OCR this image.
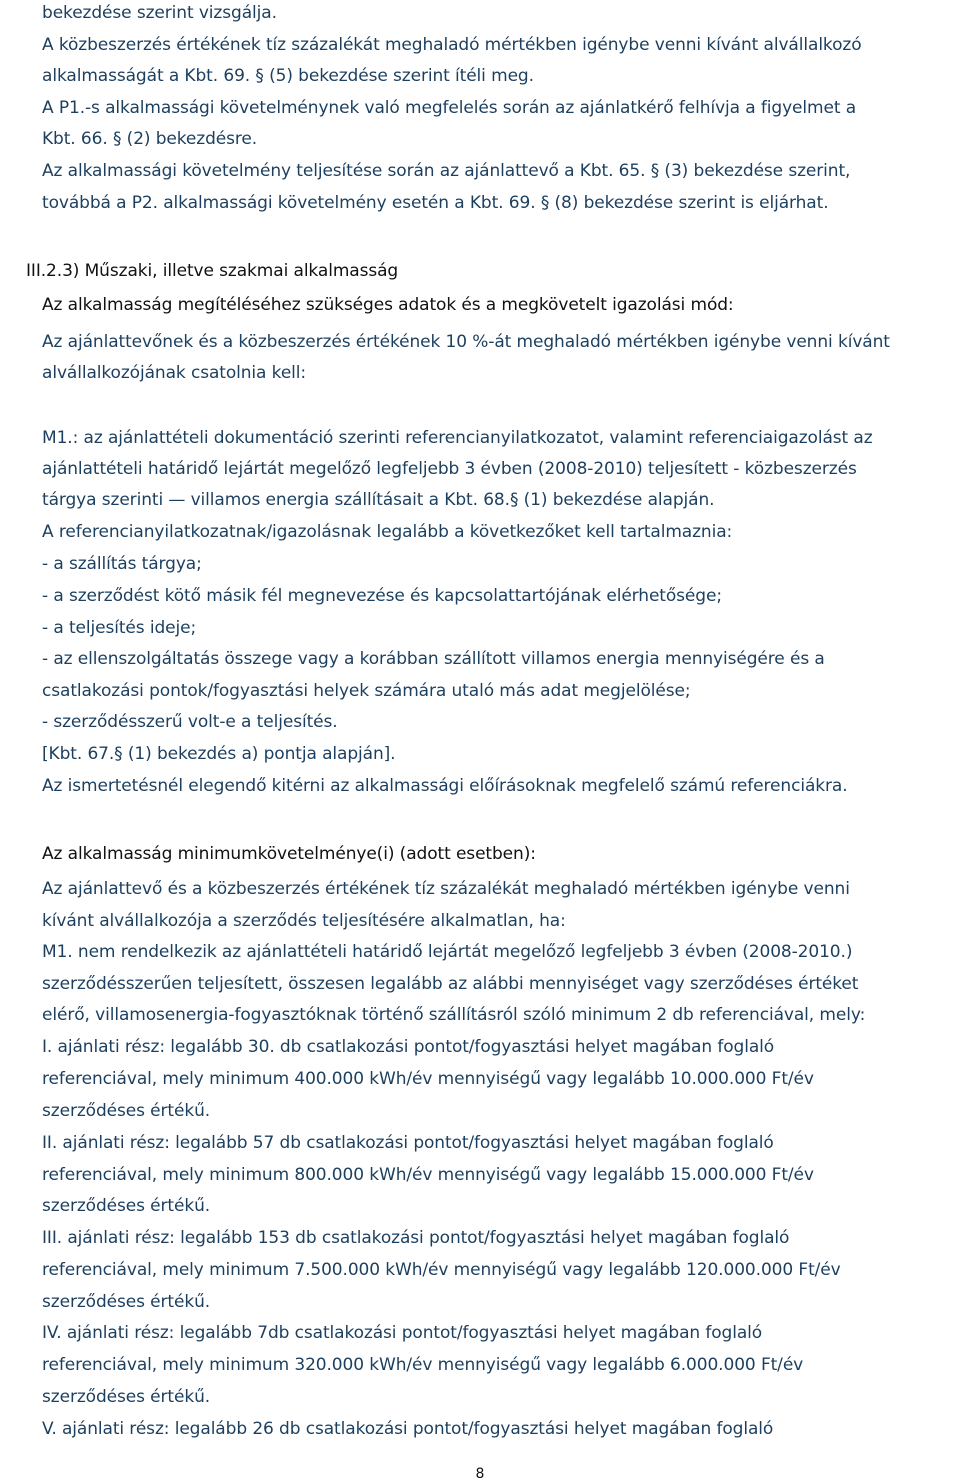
bekezdése szerint vizsgálja.
A közbeszerzés értékének tíz százalékát meghaladó mértékben igénybe venni kívánt alvállalkozó
alkalmasságát a Kbt. 69. § (5) bekezdése szerint ítéli meg.
A P1.-s alkalmassági követelménynek való megfelelés során az ajánlatkérő felhívja a figyelmet a
Kbt. 66. § (2) bekezdésre.
Az alkalmassági követelmény teljesítése során az ajánlattevő a Kbt. 65. § (3) bekezdése szerint,
továbbá a P2. alkalmassági követelmény esetén a Kbt. 69. § (8) bekezdése szerint is eljárhat.
III.2.3) Műszaki, illetve szakmai alkalmasság
Az alkalmasság megítéléséhez szükséges adatok és a megkövetelt igazolási mód:
Az ajánlattevőnek és a közbeszerzés értékének 10 %-át meghaladó mértékben igénybe venni kívánt
alvállalkozójának csatolnia kell:
M1.: az ajánlattételi dokumentáció szerinti referencianyilatkozatot, valamint referenciaigazolást az
ajánlattételi határidő lejártát megelőző legfeljebb 3 évben (2008-2010) teljesített - közbeszerzés
tárgya szerinti — villamos energia szállításait a Kbt. 68.§ (1) bekezdése alapján.
A referencianyilatkozatnak/igazolásnak legalább a következőket kell tartalmaznia:
- a szállítás tárgya;
- a szerződést kötő másik fél megnevezése és kapcsolattartójának elérhetősége;
- a teljesítés ideje;
- az ellenszolgáltatás összege vagy a korábban szállított villamos energia mennyiségére és a
csatlakozási pontok/fogyasztási helyek számára utaló más adat megjelölése;
- szerződésszerű volt-e a teljesítés.
[Kbt. 67.§ (1) bekezdés a) pontja alapján].
Az ismertetésnél elegendő kitérni az alkalmassági előírásoknak megfelelő számú referenciákra.
Az alkalmasság minimumkövetelménye(i) (adott esetben):
Az ajánlattevő és a közbeszerzés értékének tíz százalékát meghaladó mértékben igénybe venni
kívánt alvállalkozója a szerződés teljesítésére alkalmatlan, ha:
M1. nem rendelkezik az ajánlattételi határidő lejártát megelőző legfeljebb 3 évben (2008-2010.)
szerződésszerűen teljesített, összesen legalább az alábbi mennyiséget vagy szerződéses értéket
elérő, villamosenergia-fogyasztóknak történő szállításról szóló minimum 2 db referenciával, mely:
I. ajánlati rész: legalább 30. db csatlakozási pontot/fogyasztási helyet magában foglaló
referenciával, mely minimum 400.000 kWh/év mennyiségű vagy legalább 10.000.000 Ft/év
szerződéses értékű.
II. ajánlati rész: legalább 57 db csatlakozási pontot/fogyasztási helyet magában foglaló
referenciával, mely minimum 800.000 kWh/év mennyiségű vagy legalább 15.000.000 Ft/év
szerződéses értékű.
III. ajánlati rész: legalább 153 db csatlakozási pontot/fogyasztási helyet magában foglaló
referenciával, mely minimum 7.500.000 kWh/év mennyiségű vagy legalább 120.000.000 Ft/év
szerződéses értékű.
IV. ajánlati rész: legalább 7db csatlakozási pontot/fogyasztási helyet magában foglaló
referenciával, mely minimum 320.000 kWh/év mennyiségű vagy legalább 6.000.000 Ft/év
szerződéses értékű.
V. ajánlati rész: legalább 26 db csatlakozási pontot/fogyasztási helyet magában foglaló
8
